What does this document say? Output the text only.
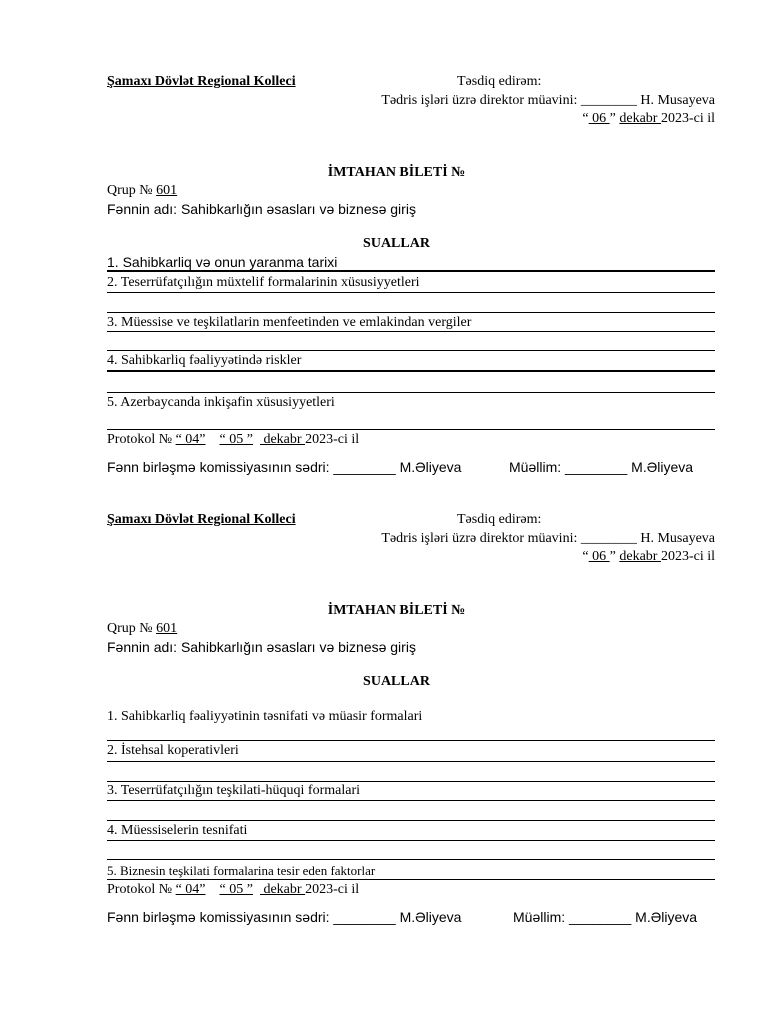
Şamaxı Dövlət Regional Kolleci	Təsdiq edirəm:
Tədris işləri üzrə direktor müavini: ________ H. Musayeva
“ 06 ” dekabr 2023-ci il
İMTAHAN BİLETİ №
Qrup № 601
Fənnin adı: Sahibkarlığın əsasları və biznesə giriş
SUALLAR
1. Sahibkarliq və onun yaranma tarixi
2. Teserrüfatçılığın müxtelif formalarinin xüsusiyyetleri
3. Müessise ve teşkilatlarin menfeetinden ve emlakindan vergiler
4. Sahibkarliq fəaliyyətində riskler
5. Azerbaycanda inkişafin xüsusiyyetleri
Protokol № “ 04” “ 05 ”   dekabr 2023-ci il
Fənn birləşmə komissiyasının sədri: ________ M.Əliyeva	Müəllim: ________ M.Əliyeva
Şamaxı Dövlət Regional Kolleci	Təsdiq edirəm:
Tədris işləri üzrə direktor müavini: ________ H. Musayeva
“ 06 ” dekabr 2023-ci il
İMTAHAN BİLETİ №
Qrup № 601
Fənnin adı: Sahibkarlığın əsasları və biznesə giriş
SUALLAR
1. Sahibkarliq fəaliyyətinin təsnifati və müasir formalari
2. İstehsal koperativleri
3. Teserrüfatçılığın teşkilati-hüquqi formalari
4. Müessiselerin tesnifati
5. Biznesin teşkilati formalarina tesir eden faktorlar
Protokol № “ 04” “ 05 ”   dekabr 2023-ci il
Fənn birləşmə komissiyasının sədri: ________ M.Əliyeva	Müəllim: ________ M.Əliyeva
